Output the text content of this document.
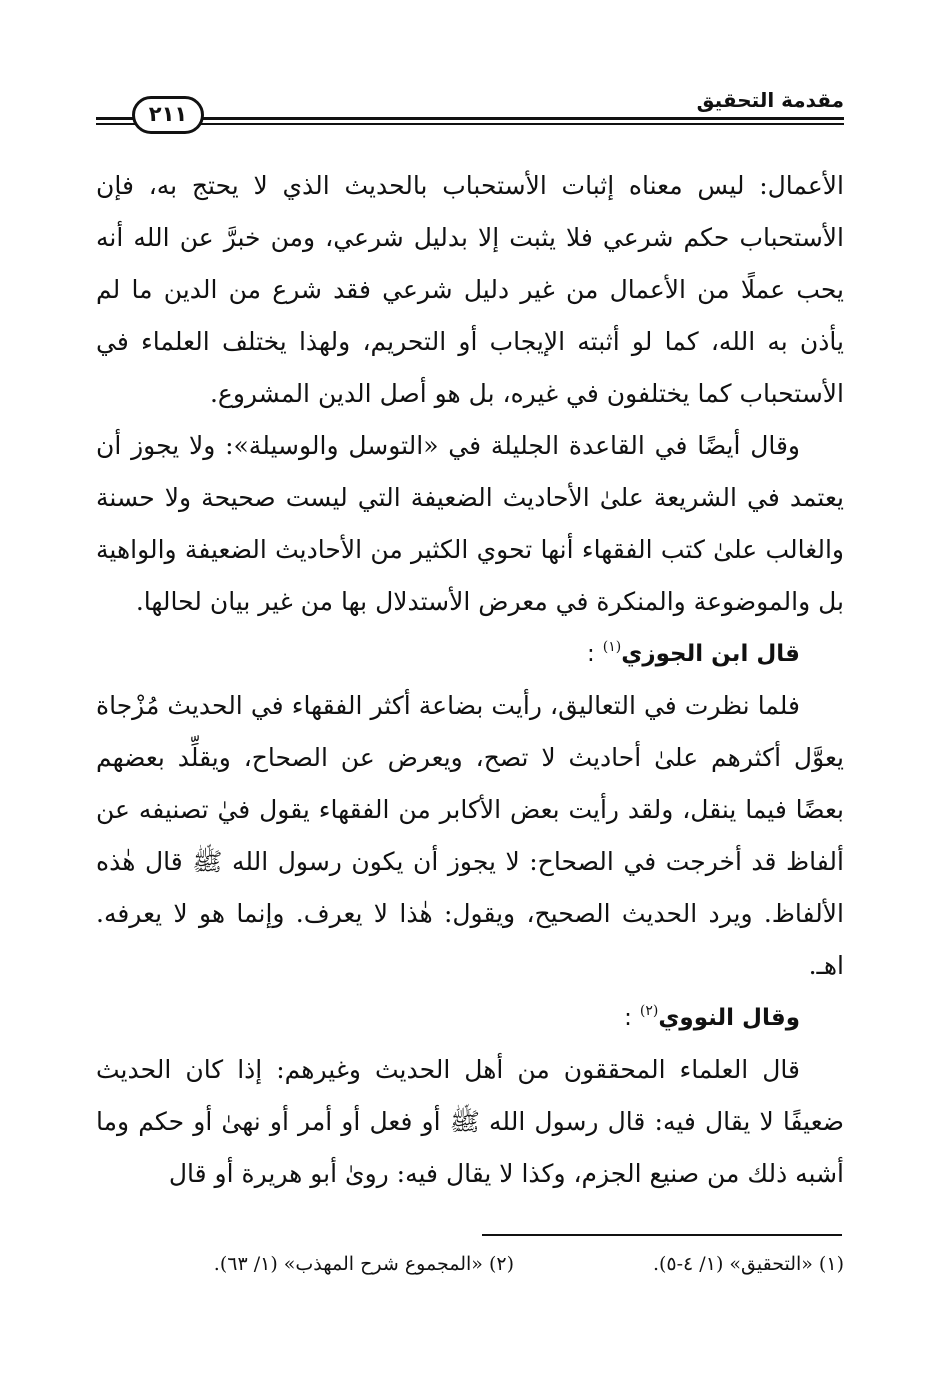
مقدمة التحقيق
٢١١

الأعمال: ليس معناه إثبات الأستحباب بالحديث الذي لا يحتج به، فإن الأستحباب حكم شرعي فلا يثبت إلا بدليل شرعي، ومن خبرَّ عن الله أنه يحب عملًا من الأعمال من غير دليل شرعي فقد شرع من الدين ما لم يأذن به الله، كما لو أثبته الإيجاب أو التحريم، ولهذا يختلف العلماء في الأستحباب كما يختلفون في غيره، بل هو أصل الدين المشروع.

وقال أيضًا في القاعدة الجليلة في «التوسل والوسيلة»: ولا يجوز أن يعتمد في الشريعة علىٰ الأحاديث الضعيفة التي ليست صحيحة ولا حسنة والغالب علىٰ كتب الفقهاء أنها تحوي الكثير من الأحاديث الضعيفة والواهية بل والموضوعة والمنكرة في معرض الأستدلال بها من غير بيان لحالها.

قال ابن الجوزي$^{(١)}$ :

فلما نظرت في التعاليق، رأيت بضاعة أكثر الفقهاء في الحديث مُزْجاة يعوَّل أكثرهم علىٰ أحاديث لا تصح، ويعرض عن الصحاح، ويقلِّد بعضهم بعضًا فيما ينقل، ولقد رأيت بعض الأكابر من الفقهاء يقول فيٰ تصنيفه عن ألفاظ قد أخرجت في الصحاح: لا يجوز أن يكون رسول الله ﷺ قال هٰذه الألفاظ. ويرد الحديث الصحيح، ويقول: هٰذا لا يعرف. وإنما هو لا يعرفه. اهـ.

وقال النووي$^{(٢)}$ :

قال العلماء المحققون من أهل الحديث وغيرهم: إذا كان الحديث ضعيفًا لا يقال فيه: قال رسول الله ﷺ أو فعل أو أمر أو نهىٰ أو حكم وما أشبه ذلك من صنيع الجزم، وكذا لا يقال فيه: روىٰ أبو هريرة أو قال

(١) «التحقيق» (١/ ٤-٥).
(٢) «المجموع شرح المهذب» (١/ ٦٣).
